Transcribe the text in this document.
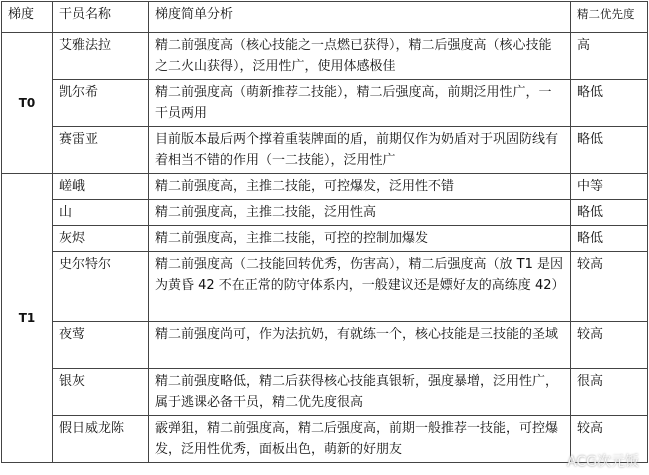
梯度	干员名称	梯度简单分析	精二优先度
T0	艾雅法拉	精二前强度高（核心技能之一点燃已获得），精二后强度高（核心技能之二火山获得），泛用性广，使用体感极佳	高
	凯尔希	精二前强度高（萌新推荐二技能），精二后强度高，前期泛用性广，一干员两用	略低
	赛雷亚	目前版本最后两个撑着重装牌面的盾，前期仅作为奶盾对于巩固防线有着相当不错的作用（一二技能），泛用性广	略低
T1	嵯峨	精二前强度高，主推二技能，可控爆发，泛用性不错	中等
	山	精二前强度高，主推二技能，泛用性高	略低
	灰烬	精二前强度高，主推二技能，可控的控制加爆发	略低
	史尔特尔	精二前强度高（二技能回转优秀，伤害高），精二后强度高（放 T1 是因为黄昏 42 不在正常的防守体系内，一般建议还是嫖好友的高练度 42）	较高
	夜莺	精二前强度尚可，作为法抗奶，有就练一个，核心技能是三技能的圣域	较高
	银灰	精二前强度略低，精二后获得核心技能真银斩，强度暴增，泛用性广，属于逃课必备干员，精二优先度很高	很高
	假日威龙陈	霰弹狙，精二前强度高，精二后强度高，前期一般推荐一技能，可控爆发，泛用性优秀，面板出色，萌新的好朋友	较高
ACG次元饭
